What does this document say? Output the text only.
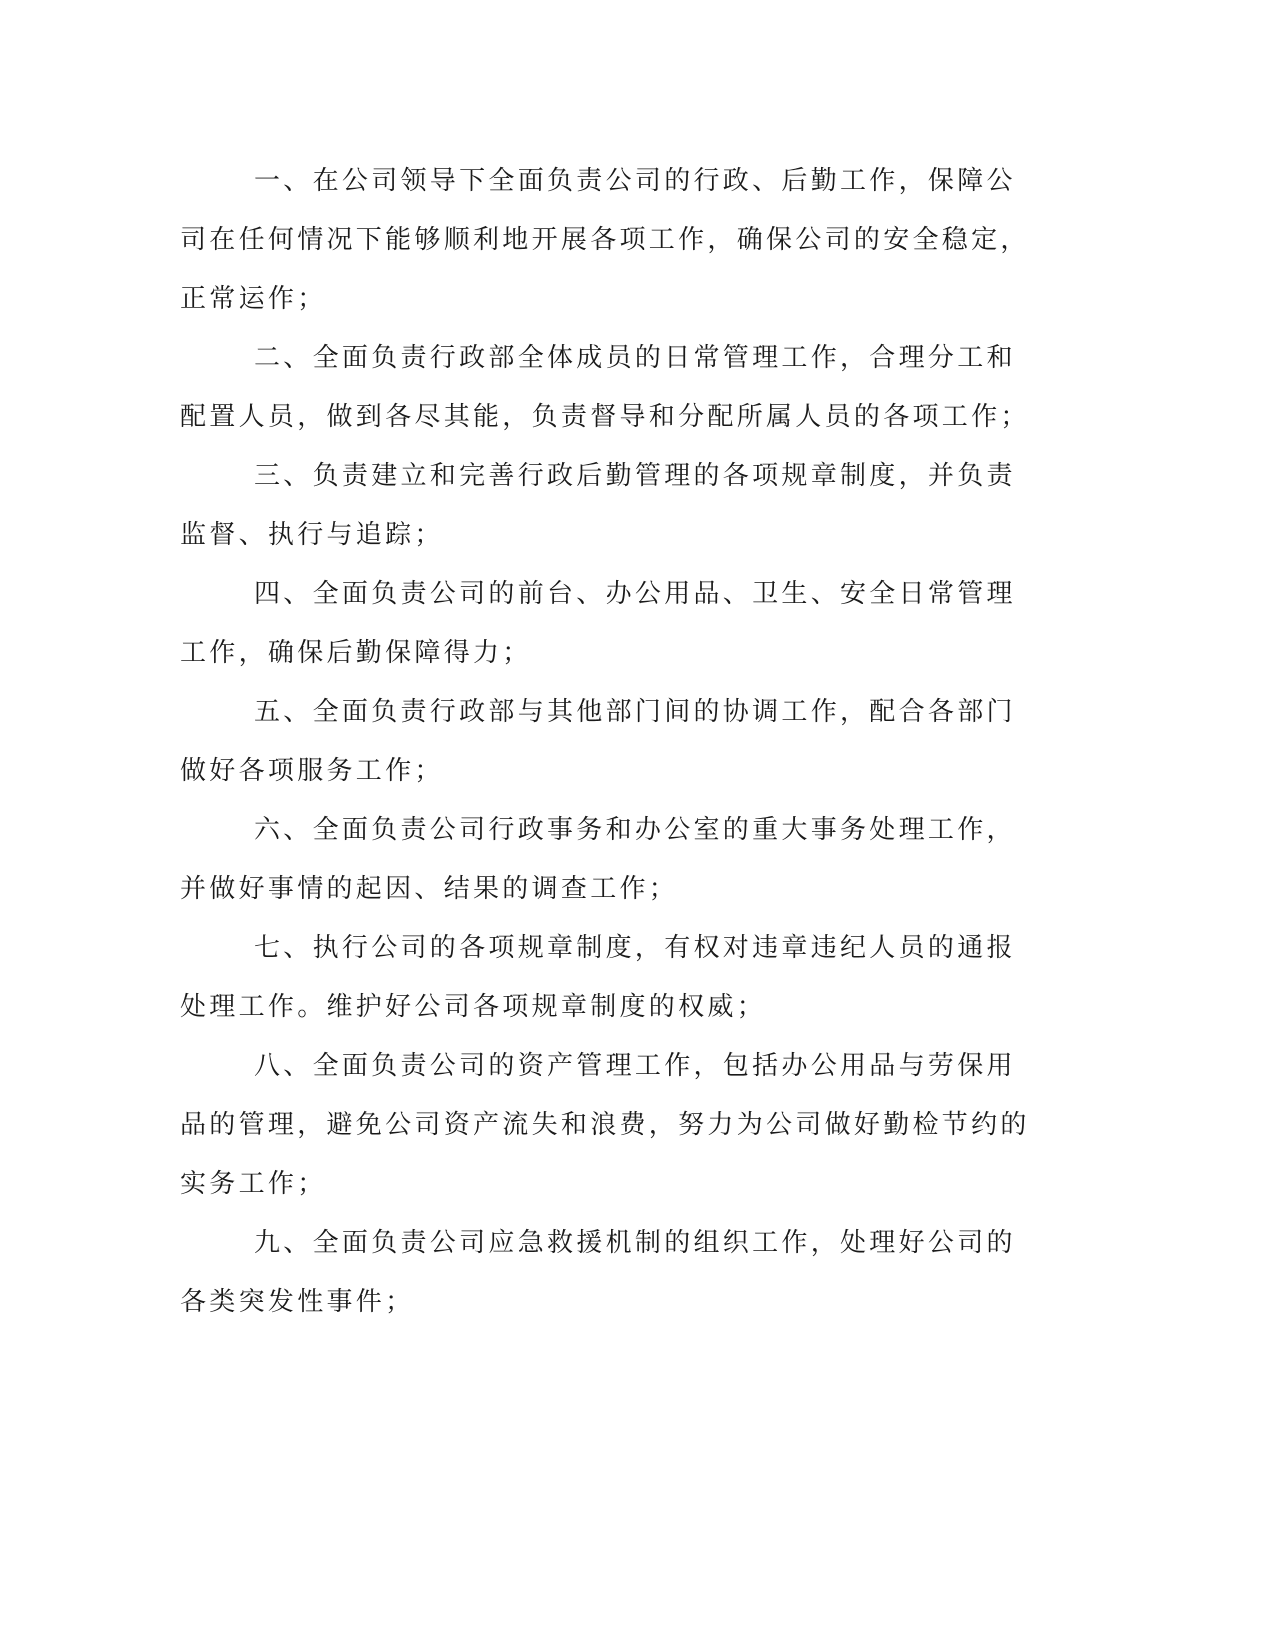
一、在公司领导下全面负责公司的行政、后勤工作，保障公司在任何情况下能够顺利地开展各项工作，确保公司的安全稳定，正常运作；

二、全面负责行政部全体成员的日常管理工作，合理分工和配置人员，做到各尽其能，负责督导和分配所属人员的各项工作；

三、负责建立和完善行政后勤管理的各项规章制度，并负责监督、执行与追踪；

四、全面负责公司的前台、办公用品、卫生、安全日常管理工作，确保后勤保障得力；

五、全面负责行政部与其他部门间的协调工作，配合各部门做好各项服务工作；

六、全面负责公司行政事务和办公室的重大事务处理工作，并做好事情的起因、结果的调查工作；

七、执行公司的各项规章制度，有权对违章违纪人员的通报处理工作。维护好公司各项规章制度的权威；

八、全面负责公司的资产管理工作，包括办公用品与劳保用品的管理，避免公司资产流失和浪费，努力为公司做好勤检节约的实务工作；

九、全面负责公司应急救援机制的组织工作，处理好公司的各类突发性事件；
